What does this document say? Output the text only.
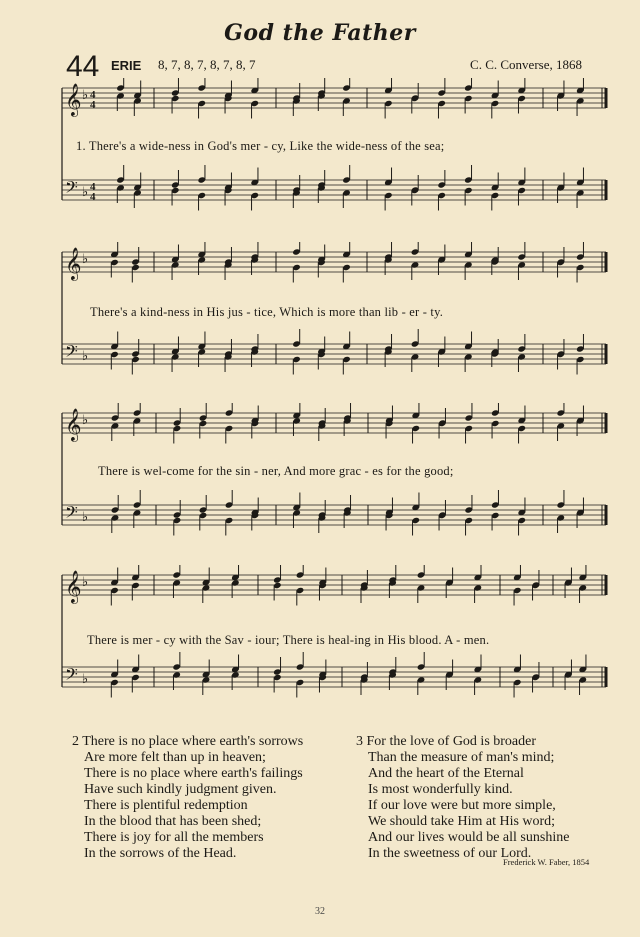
God the Father
44 ERIE 8, 7, 8, 7, 8, 7, 8, 7	C. C. Converse, 1868
𝄞 ♭ 4
4
𝄢 ♭ 4
4
1. There's a wide-ness in God's mer - cy, Like the wide-ness of the sea;
𝄞 ♭
𝄢 ♭
There's a kind-ness in His jus - tice, Which is more than lib - er - ty.
𝄞 ♭
𝄢 ♭
There is wel-come for the sin - ner, And more grac - es for the good;
𝄞 ♭
𝄢 ♭
There is mer - cy with the Sav - iour; There is heal-ing in His blood. A - men.

2 There is no place where earth's sorrows

Are more felt than up in heaven;

There is no place where earth's failings

Have such kindly judgment given.

There is plentiful redemption

In the blood that has been shed;

There is joy for all the members

In the sorrows of the Head.

3 For the love of God is broader

Than the measure of man's mind;

And the heart of the Eternal

Is most wonderfully kind.

If our love were but more simple,

We should take Him at His word;

And our lives would be all sunshine

In the sweetness of our Lord.

Frederick W. Faber, 1854
32
